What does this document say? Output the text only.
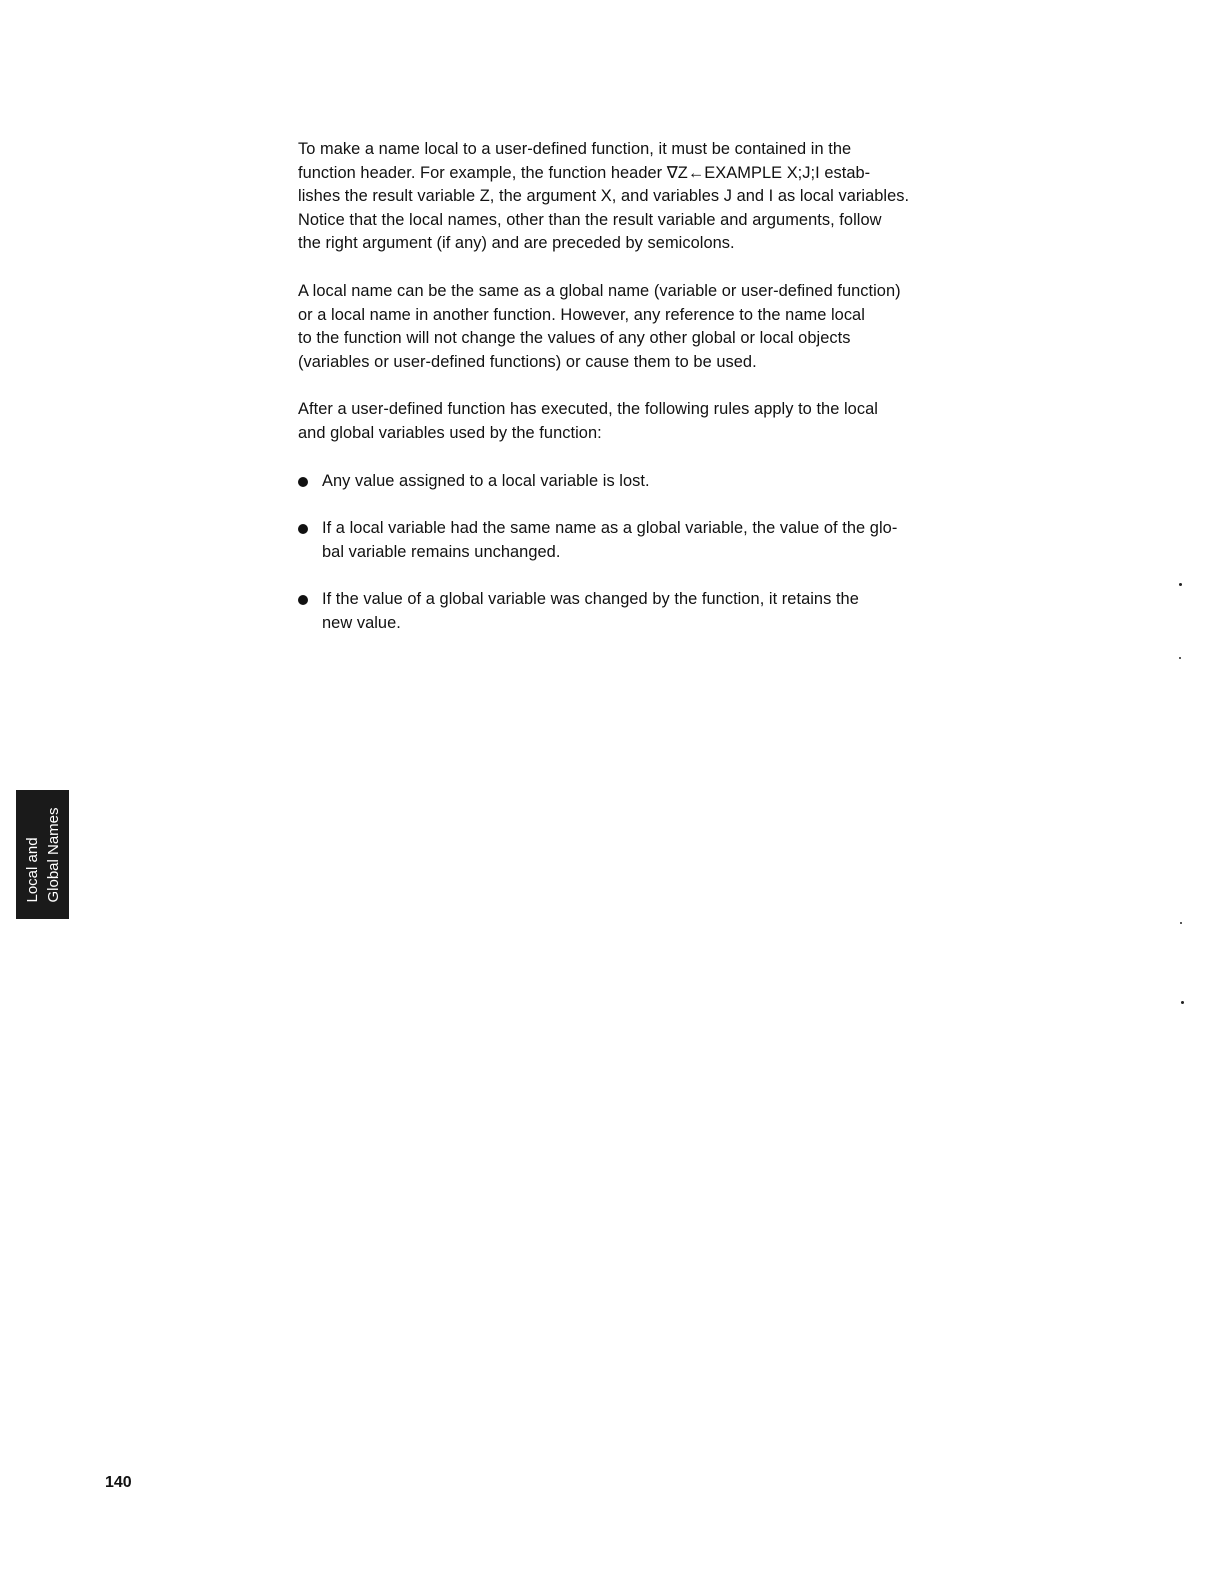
To make a name local to a user-defined function, it must be contained in the
function header. For example, the function header ∇Z←EXAMPLE X;J;I estab-
lishes the result variable Z, the argument X, and variables J and I as local variables.
Notice that the local names, other than the result variable and arguments, follow
the right argument (if any) and are preceded by semicolons.

A local name can be the same as a global name (variable or user-defined function)
or a local name in another function. However, any reference to the name local
to the function will not change the values of any other global or local objects
(variables or user-defined functions) or cause them to be used.

After a user-defined function has executed, the following rules apply to the local
and global variables used by the function:

Any value assigned to a local variable is lost.
If a local variable had the same name as a global variable, the value of the glo-
bal variable remains unchanged.
If the value of a global variable was changed by the function, it retains the
new value.
Local and Global Names
140
